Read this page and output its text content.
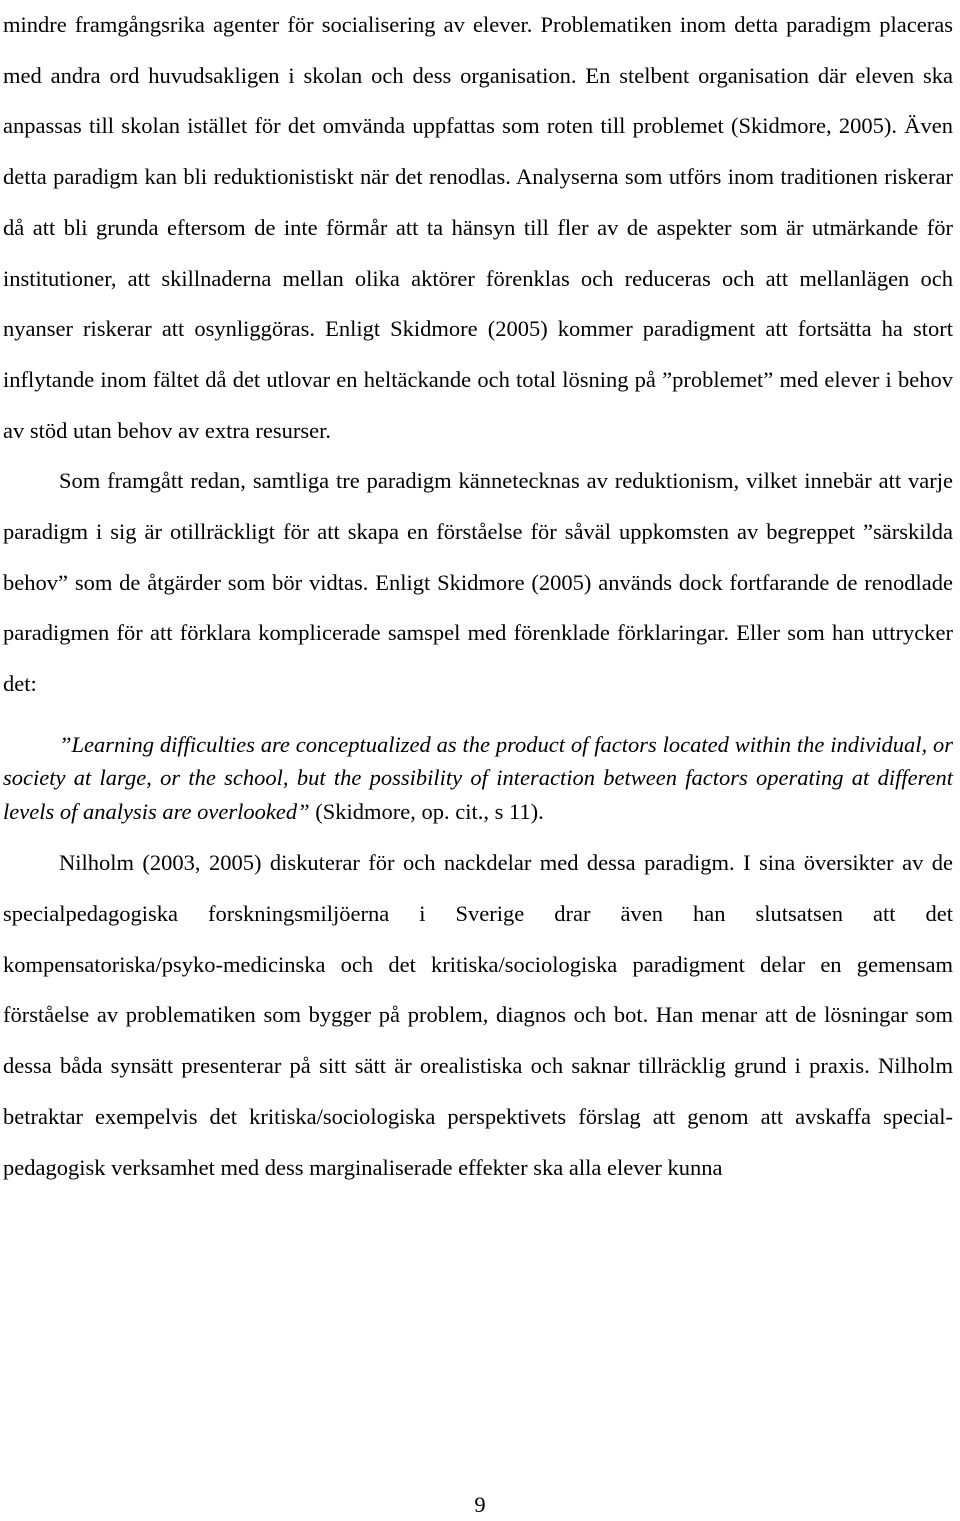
mindre framgångsrika agenter för socialisering av elever. Problematiken inom detta paradigm placeras med andra ord huvudsakligen i skolan och dess organisation. En stelbent organisation där eleven ska anpassas till skolan istället för det omvända uppfattas som roten till problemet (Skidmore, 2005). Även detta paradigm kan bli reduktionistiskt när det renodlas. Analyserna som utförs inom traditionen riskerar då att bli grunda eftersom de inte förmår att ta hänsyn till fler av de aspekter som är utmärkande för institutioner, att skillnaderna mellan olika aktörer förenklas och reduceras och att mellanlägen och nyanser riskerar att osynliggöras. Enligt Skidmore (2005) kommer paradigment att fortsätta ha stort inflytande inom fältet då det utlovar en heltäckande och total lösning på ”problemet” med elever i behov av stöd utan behov av extra resurser.

Som framgått redan, samtliga tre paradigm kännetecknas av reduktionism, vilket innebär att varje paradigm i sig är otillräckligt för att skapa en förståelse för såväl uppkomsten av begreppet ”särskilda behov” som de åtgärder som bör vidtas. Enligt Skidmore (2005) används dock fortfarande de renodlade paradigmen för att förklara komplicerade samspel med förenklade förklaringar. Eller som han uttrycker det:

”Learning difficulties are conceptualized as the product of factors located within the individual, or society at large, or the school, but the possibility of interaction between factors operating at different levels of analysis are overlooked” (Skidmore, op. cit., s 11).

Nilholm (2003, 2005) diskuterar för och nackdelar med dessa paradigm. I sina översikter av de specialpedagogiska forskningsmiljöerna i Sverige drar även han slutsatsen att det kompensatoriska/psyko-medicinska och det kritiska/sociologiska paradigment delar en gemensam förståelse av problematiken som bygger på problem, diagnos och bot. Han menar att de lösningar som dessa båda synsätt presenterar på sitt sätt är orealistiska och saknar tillräcklig grund i praxis. Nilholm betraktar exempelvis det kritiska/sociologiska perspektivets förslag att genom att avskaffa special-pedagogisk verksamhet med dess marginaliserade effekter ska alla elever kunna

9
